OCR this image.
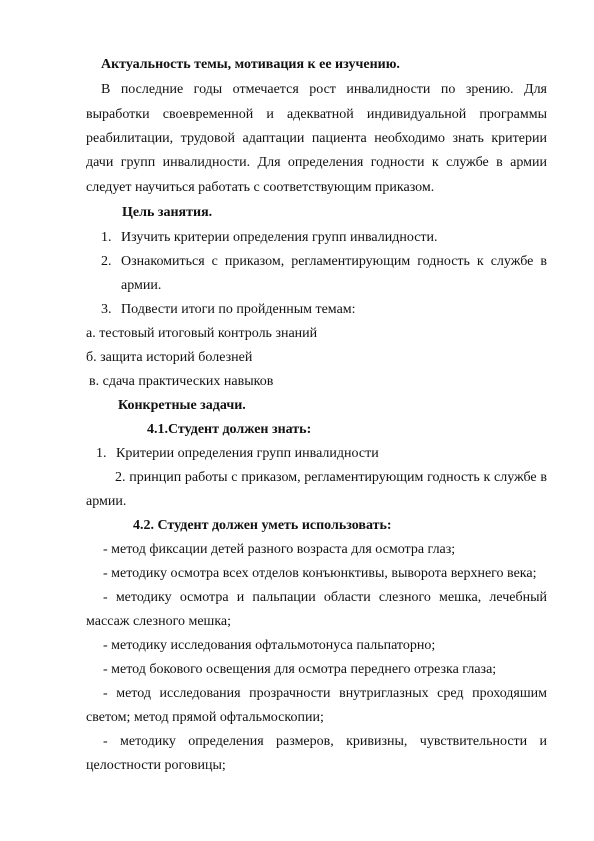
Актуальность темы, мотивация к ее изучению.
В последние годы отмечается рост инвалидности по зрению. Для
выработки своевременной и адекватной индивидуальной программы
реабилитации, трудовой адаптации пациента необходимо знать критерии
дачи групп инвалидности. Для определения годности к службе в армии
следует научиться работать с соответствующим приказом.
Цель занятия.
1. Изучить критерии определения групп инвалидности.
2. Ознакомиться с приказом, регламентирующим годность к службе в
армии.
3. Подвести итоги по пройденным темам:
а. тестовый итоговый контроль знаний
б. защита историй болезней
в. сдача практических навыков
Конкретные задачи.
4.1.Студент должен знать:
1. Критерии определения групп инвалидности
2. принцип работы с приказом, регламентирующим годность к службе в
армии.
4.2. Студент должен уметь использовать:
- метод фиксации детей разного возраста для осмотра глаз;
- методику осмотра всех отделов конъюнктивы, выворота верхнего века;
- методику осмотра и пальпации области слезного мешка, лечебный
массаж слезного мешка;
- методику исследования офтальмотонуса пальпаторно;
- метод бокового освещения для осмотра переднего отрезка глаза;
- метод исследования прозрачности внутриглазных сред проходяшим
светом; метод прямой офтальмоскопии;
- методику определения размеров, кривизны, чувствительности и
целостности роговицы;
